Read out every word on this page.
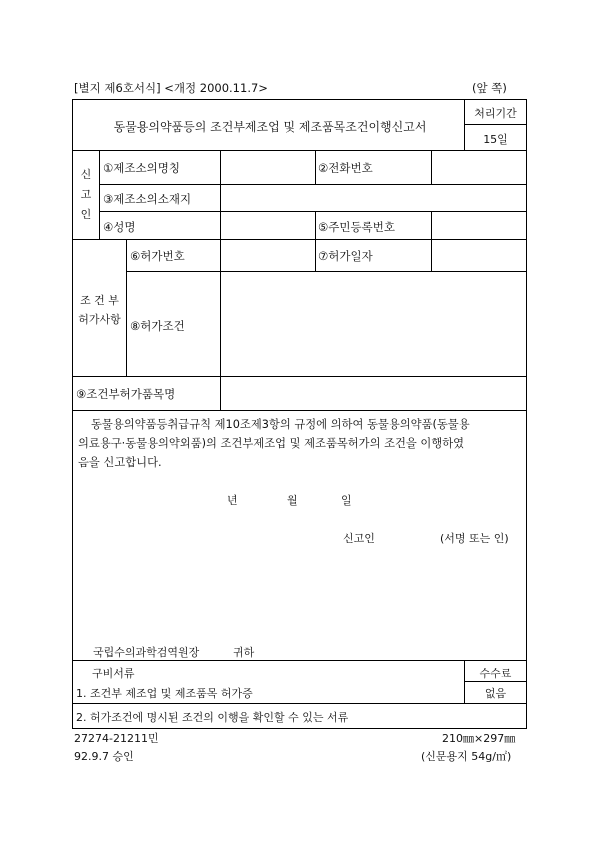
[별지 제6호서식] <개정 2000.11.7>	(앞 쪽)
동물용의약품등의 조건부제조업 및 제조품목조건이행신고서
처리기간
15일
신
고
인
①제조소의명칭	②전화번호
③제조소의소재지
④성명	⑤주민등록번호
조 건 부
허가사항
⑥허가번호	⑦허가일자
⑧허가조건
⑨조건부허가품목명
동물용의약품등취급규칙 제10조제3항의 규정에 의하여 동물용의약품(동물용
의료용구·동물용의약외품)의 조건부제조업 및 제조품목허가의 조건을 이행하였
음을 신고합니다.
년	월	일
신고인	(서명 또는 인)
국립수의과학검역원장	귀하
구비서류
1. 조건부 제조업 및 제조품목 허가증
2. 허가조건에 명시된 조건의 이행을 확인할 수 있는 서류
수수료
없음
27274-21211민	210㎜×297㎜
92.9.7 승인	(신문용지 54g/㎡)
